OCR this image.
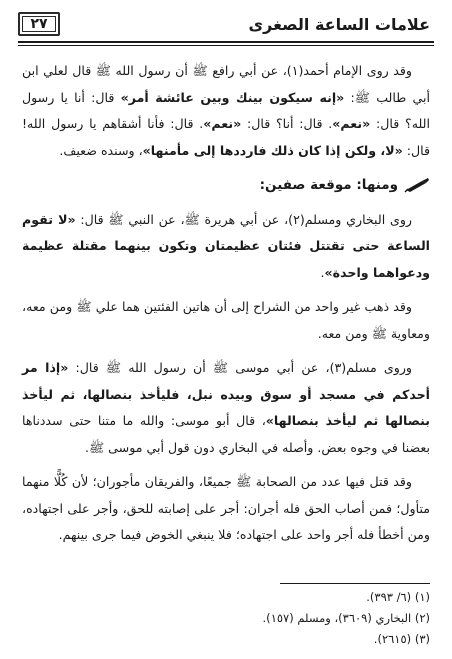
علامات الساعة الصغرى
٢٧

وقد روى الإمام أحمد(١)، عن أبي رافع ﷺ أن رسول الله ﷺ قال لعلي ابن أبي طالب ﷺ: «إنه سيكون بينك وبين عائشة أمر» قال: أنا يا رسول الله؟ قال: «نعم». قال: أنا؟ قال: «نعم». قال: فأنا أشقاهم يا رسول الله! قال: «لا، ولكن إذا كان ذلك فارددها إلى مأمنها»، وسنده ضعيف.

ومنها: موقعة صفين:

روى البخاري ومسلم(٢)، عن أبي هريرة ﷺ، عن النبي ﷺ قال: «لا تقوم الساعة حتى تقتتل فئتان عظيمتان وتكون بينهما مقتلة عظيمة ودعواهما واحدة».

وقد ذهب غير واحد من الشراح إلى أن هاتين الفئتين هما علي ﷺ ومن معه، ومعاوية ﷺ ومن معه.

وروى مسلم(٣)، عن أبي موسى ﷺ أن رسول الله ﷺ قال: «إذا مر أحدكم في مسجد أو سوق وبيده نبل، فليأخذ بنصالها، ثم ليأخذ بنصالها ثم ليأخذ بنصالها»، قال أبو موسى: والله ما متنا حتى سددناها بعضنا في وجوه بعض. وأصله في البخاري دون قول أبي موسى ﷺ.

وقد قتل فيها عدد من الصحابة ﷺ جميعًا، والفريقان مأجوران؛ لأن كُلًّا منهما متأول؛ فمن أصاب الحق فله أجران: أجر على إصابته للحق، وأجر على اجتهاده، ومن أخطأ فله أجر واحد على اجتهاده؛ فلا ينبغي الخوض فيما جرى بينهم.

(١) (٦/ ٣٩٣).
(٢) البخاري (٣٦٠٩)، ومسلم (١٥٧).
(٣) (٢٦١٥).
